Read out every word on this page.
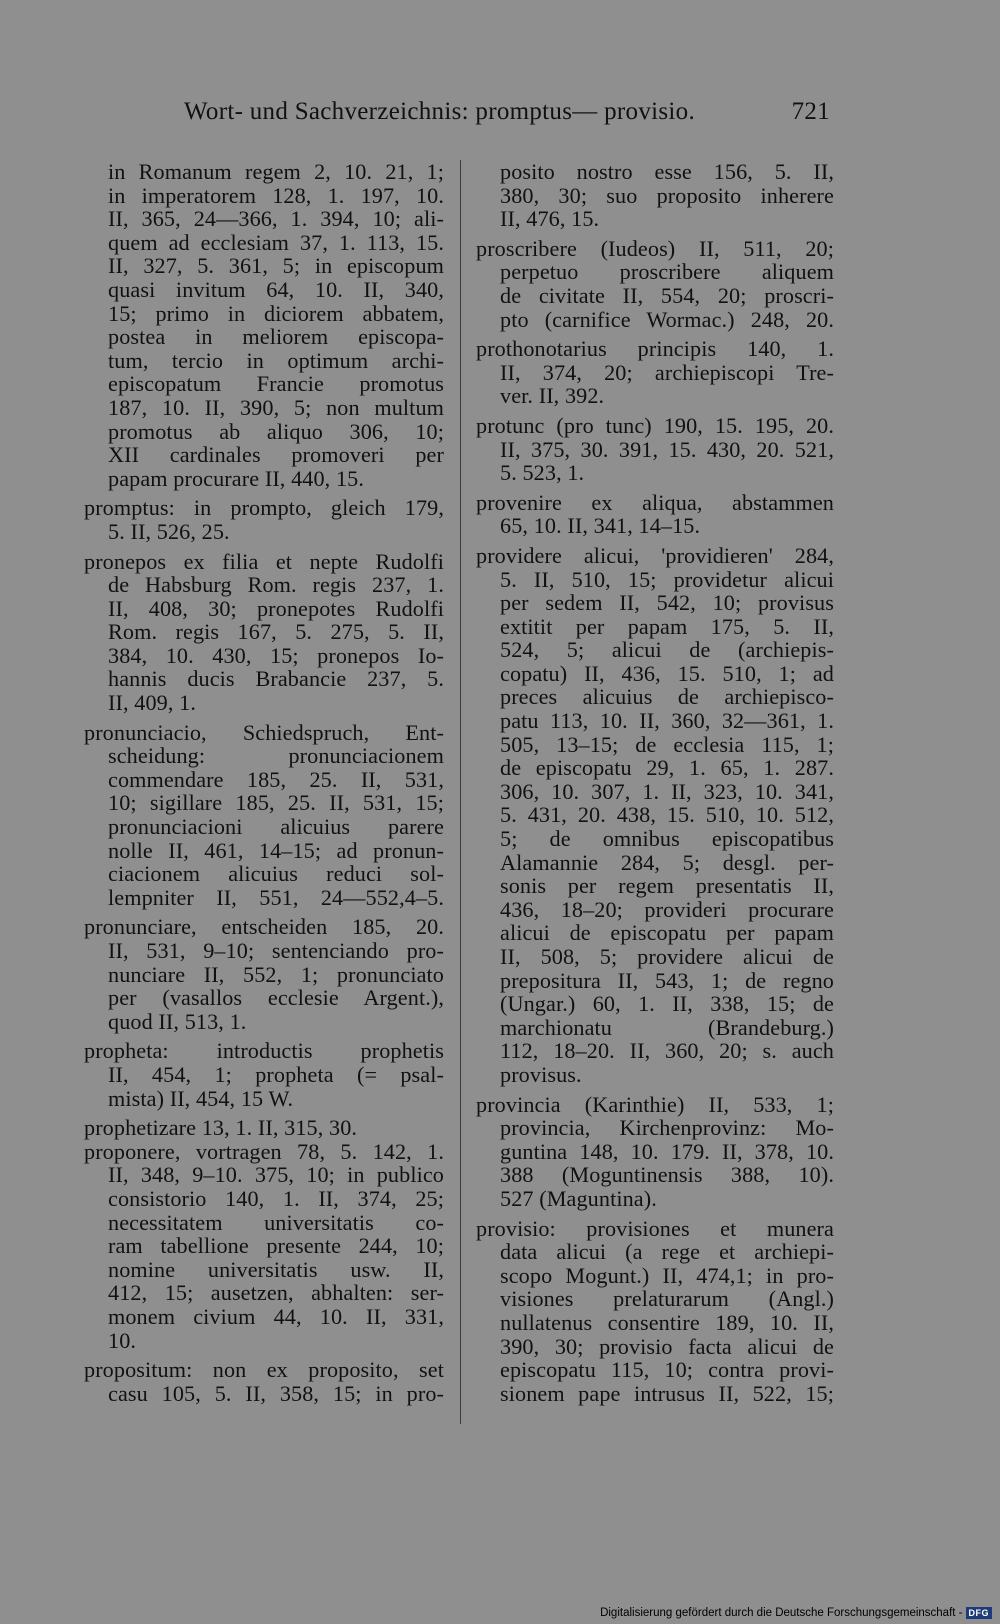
Wort- und Sachverzeichnis: promptus— provisio.	721
in Romanum regem 2, 10. 21, 1;
in imperatorem 128, 1. 197, 10.
II, 365, 24—366, 1. 394, 10; ali-
quem ad ecclesiam 37, 1. 113, 15.
II, 327, 5. 361, 5; in episcopum
quasi invitum 64, 10. II, 340,
15; primo in diciorem abbatem,
postea in meliorem episcopa-
tum, tercio in optimum archi-
episcopatum Francie promotus
187, 10. II, 390, 5; non multum
promotus ab aliquo 306, 10;
XII cardinales promoveri per
papam procurare II, 440, 15.
promptus: in prompto, gleich 179,
5. II, 526, 25.
pronepos ex filia et nepte Rudolfi
de Habsburg Rom. regis 237, 1.
II, 408, 30; pronepotes Rudolfi
Rom. regis 167, 5. 275, 5. II,
384, 10. 430, 15; pronepos Io-
hannis ducis Brabancie 237, 5.
II, 409, 1.
pronunciacio, Schiedspruch, Ent-
scheidung: pronunciacionem
commendare 185, 25. II, 531,
10; sigillare 185, 25. II, 531, 15;
pronunciacioni alicuius parere
nolle II, 461, 14–15; ad pronun-
ciacionem alicuius reduci sol-
lempniter II, 551, 24—552,4–5.
pronunciare, entscheiden 185, 20.
II, 531, 9–10; sentenciando pro-
nunciare II, 552, 1; pronunciato
per (vasallos ecclesie Argent.),
quod II, 513, 1.
propheta: introductis prophetis
II, 454, 1; propheta (= psal-
mista) II, 454, 15 W.
prophetizare 13, 1. II, 315, 30.
proponere, vortragen 78, 5. 142, 1.
II, 348, 9–10. 375, 10; in publico
consistorio 140, 1. II, 374, 25;
necessitatem universitatis co-
ram tabellione presente 244, 10;
nomine universitatis usw. II,
412, 15; ausetzen, abhalten: ser-
monem civium 44, 10. II, 331,
10.
propositum: non ex proposito, set
casu 105, 5. II, 358, 15; in pro-
posito nostro esse 156, 5. II,
380, 30; suo proposito inherere
II, 476, 15.
proscribere (Iudeos) II, 511, 20;
perpetuo proscribere aliquem
de civitate II, 554, 20; proscri-
pto (carnifice Wormac.) 248, 20.
prothonotarius principis 140, 1.
II, 374, 20; archiepiscopi Tre-
ver. II, 392.
protunc (pro tunc) 190, 15. 195, 20.
II, 375, 30. 391, 15. 430, 20. 521,
5. 523, 1.
provenire ex aliqua, abstammen
65, 10. II, 341, 14–15.
providere alicui, 'providieren' 284,
5. II, 510, 15; providetur alicui
per sedem II, 542, 10; provisus
extitit per papam 175, 5. II,
524, 5; alicui de (archiepis-
copatu) II, 436, 15. 510, 1; ad
preces alicuius de archiepisco-
patu 113, 10. II, 360, 32—361, 1.
505, 13–15; de ecclesia 115, 1;
de episcopatu 29, 1. 65, 1. 287.
306, 10. 307, 1. II, 323, 10. 341,
5. 431, 20. 438, 15. 510, 10. 512,
5; de omnibus episcopatibus
Alamannie 284, 5; desgl. per-
sonis per regem presentatis II,
436, 18–20; provideri procurare
alicui de episcopatu per papam
II, 508, 5; providere alicui de
prepositura II, 543, 1; de regno
(Ungar.) 60, 1. II, 338, 15; de
marchionatu (Brandeburg.)
112, 18–20. II, 360, 20; s. auch
provisus.
provincia (Karinthie) II, 533, 1;
provincia, Kirchenprovinz: Mo-
guntina 148, 10. 179. II, 378, 10.
388 (Moguntinensis 388, 10).
527 (Maguntina).
provisio: provisiones et munera
data alicui (a rege et archiepi-
scopo Mogunt.) II, 474,1; in pro-
visiones prelaturarum (Angl.)
nullatenus consentire 189, 10. II,
390, 30; provisio facta alicui de
episcopatu 115, 10; contra provi-
sionem pape intrusus II, 522, 15;
Digitalisierung gefördert durch die Deutsche Forschungsgemeinschaft - DFG
